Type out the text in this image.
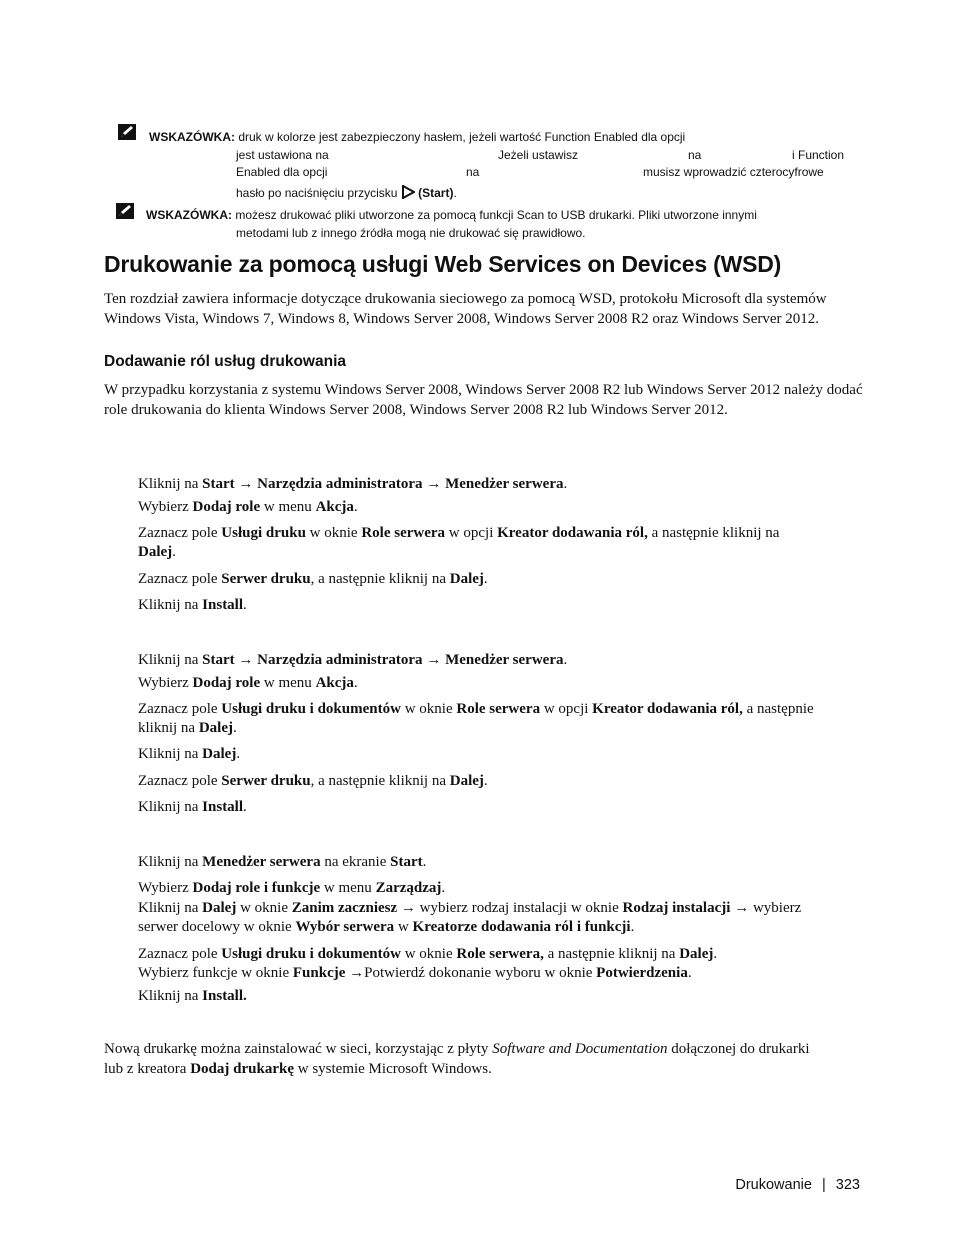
WSKAZÓWKA: druk w kolorze jest zabezpieczony hasłem, jeżeli wartość Function Enabled dla opcji
jest ustawiona na	Jeżeli ustawisz	na	i Function
Enabled dla opcji	na	musisz wprowadzić czterocyfrowe
hasło po naciśnięciu przycisku (Start).
WSKAZÓWKA: możesz drukować pliki utworzone za pomocą funkcji Scan to USB drukarki. Pliki utworzone innymi
metodami lub z innego źródła mogą nie drukować się prawidłowo.
Drukowanie za pomocą usługi Web Services on Devices (WSD)
Ten rozdział zawiera informacje dotyczące drukowania sieciowego za pomocą WSD, protokołu Microsoft dla systemów Windows Vista, Windows 7, Windows 8, Windows Server 2008, Windows Server 2008 R2 oraz Windows Server 2012.
Dodawanie ról usług drukowania
W przypadku korzystania z systemu Windows Server 2008, Windows Server 2008 R2 lub Windows Server 2012 należy dodać role drukowania do klienta Windows Server 2008, Windows Server 2008 R2 lub Windows Server 2012.
Kliknij na Start → Narzędzia administratora → Menedżer serwera.
Wybierz Dodaj role w menu Akcja.
Zaznacz pole Usługi druku w oknie Role serwera w opcji Kreator dodawania ról, a następnie kliknij na
Dalej.
Zaznacz pole Serwer druku, a następnie kliknij na Dalej.
Kliknij na Install.
Kliknij na Start → Narzędzia administratora → Menedżer serwera.
Wybierz Dodaj role w menu Akcja.
Zaznacz pole Usługi druku i dokumentów w oknie Role serwera w opcji Kreator dodawania ról, a następnie
kliknij na Dalej.
Kliknij na Dalej.
Zaznacz pole Serwer druku, a następnie kliknij na Dalej.
Kliknij na Install.
Kliknij na Menedżer serwera na ekranie Start.
Wybierz Dodaj role i funkcje w menu Zarządzaj.
Kliknij na Dalej w oknie Zanim zaczniesz → wybierz rodzaj instalacji w oknie Rodzaj instalacji → wybierz
serwer docelowy w oknie Wybór serwera w Kreatorze dodawania ról i funkcji.
Zaznacz pole Usługi druku i dokumentów w oknie Role serwera, a następnie kliknij na Dalej.
Wybierz funkcje w oknie Funkcje →Potwierdź dokonanie wyboru w oknie Potwierdzenia.
Kliknij na Install.
Nową drukarkę można zainstalować w sieci, korzystając z płyty Software and Documentation dołączonej do drukarki
lub z kreatora Dodaj drukarkę w systemie Microsoft Windows.
Drukowanie | 323
